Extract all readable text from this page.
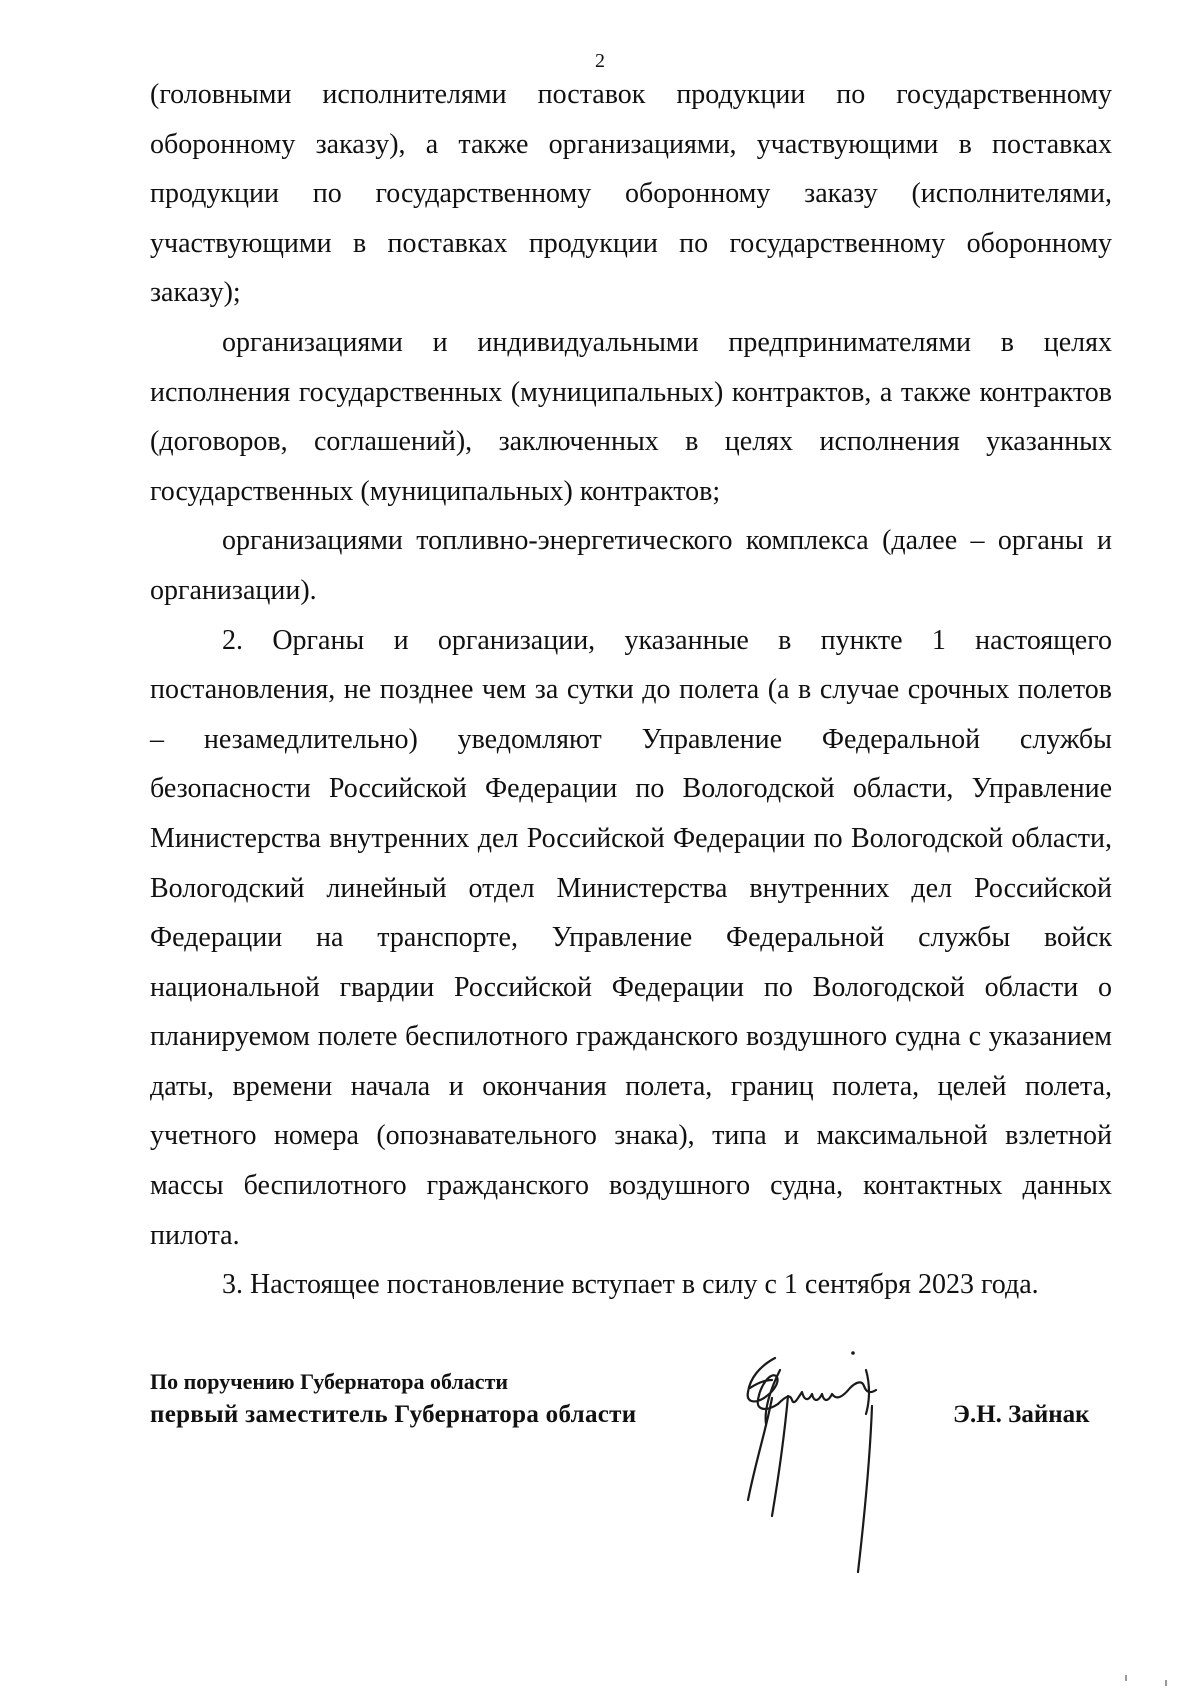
2

(головными исполнителями поставок продукции по государственному оборонному заказу), а также организациями, участвующими в поставках продукции по государственному оборонному заказу (исполнителями, участвующими в поставках продукции по государственному оборонному заказу);

организациями и индивидуальными предпринимателями в целях исполнения государственных (муниципальных) контрактов, а также контрактов (договоров, соглашений), заключенных в целях исполнения указанных государственных (муниципальных) контрактов;

организациями топливно-энергетического комплекса (далее – органы и организации).

2. Органы и организации, указанные в пункте 1 настоящего постановления, не позднее чем за сутки до полета (а в случае срочных полетов – незамедлительно) уведомляют Управление Федеральной службы безопасности Российской Федерации по Вологодской области, Управление Министерства внутренних дел Российской Федерации по Вологодской области, Вологодский линейный отдел Министерства внутренних дел Российской Федерации на транспорте, Управление Федеральной службы войск национальной гвардии Российской Федерации по Вологодской области о планируемом полете беспилотного гражданского воздушного судна с указанием даты, времени начала и окончания полета, границ полета, целей полета, учетного номера (опознавательного знака), типа и максимальной взлетной массы беспилотного гражданского воздушного судна, контактных данных пилота.

3. Настоящее постановление вступает в силу с 1 сентября 2023 года.

По поручению Губернатора области
первый заместитель Губернатора области	Э.Н. Зайнак
